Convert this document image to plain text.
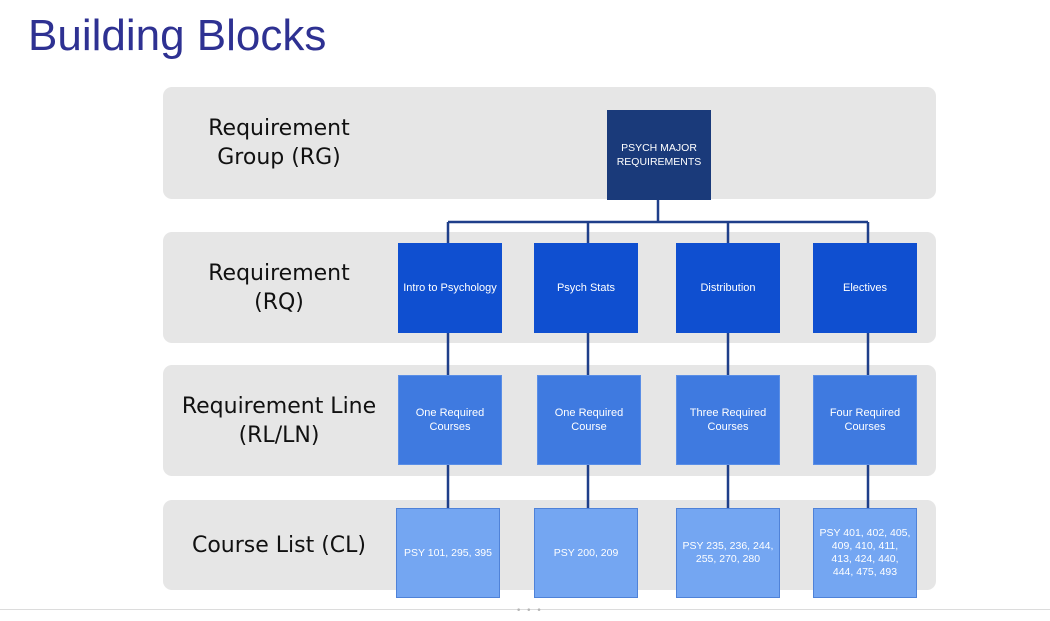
Building Blocks
Requirement
Group (RG)
Requirement
(RQ)
Requirement Line
(RL/LN)
Course List (CL)
PSYCH MAJOR
REQUIREMENTS
Intro to Psychology	Psych Stats	Distribution	Electives
One Required
Courses
One Required
Course
Three Required
Courses
Four Required
Courses
PSY 101, 295, 395	PSY 200, 209
PSY 235, 236, 244,
255, 270, 280
PSY 401, 402, 405,
409, 410, 411,
413, 424, 440,
444, 475, 493
• • •
